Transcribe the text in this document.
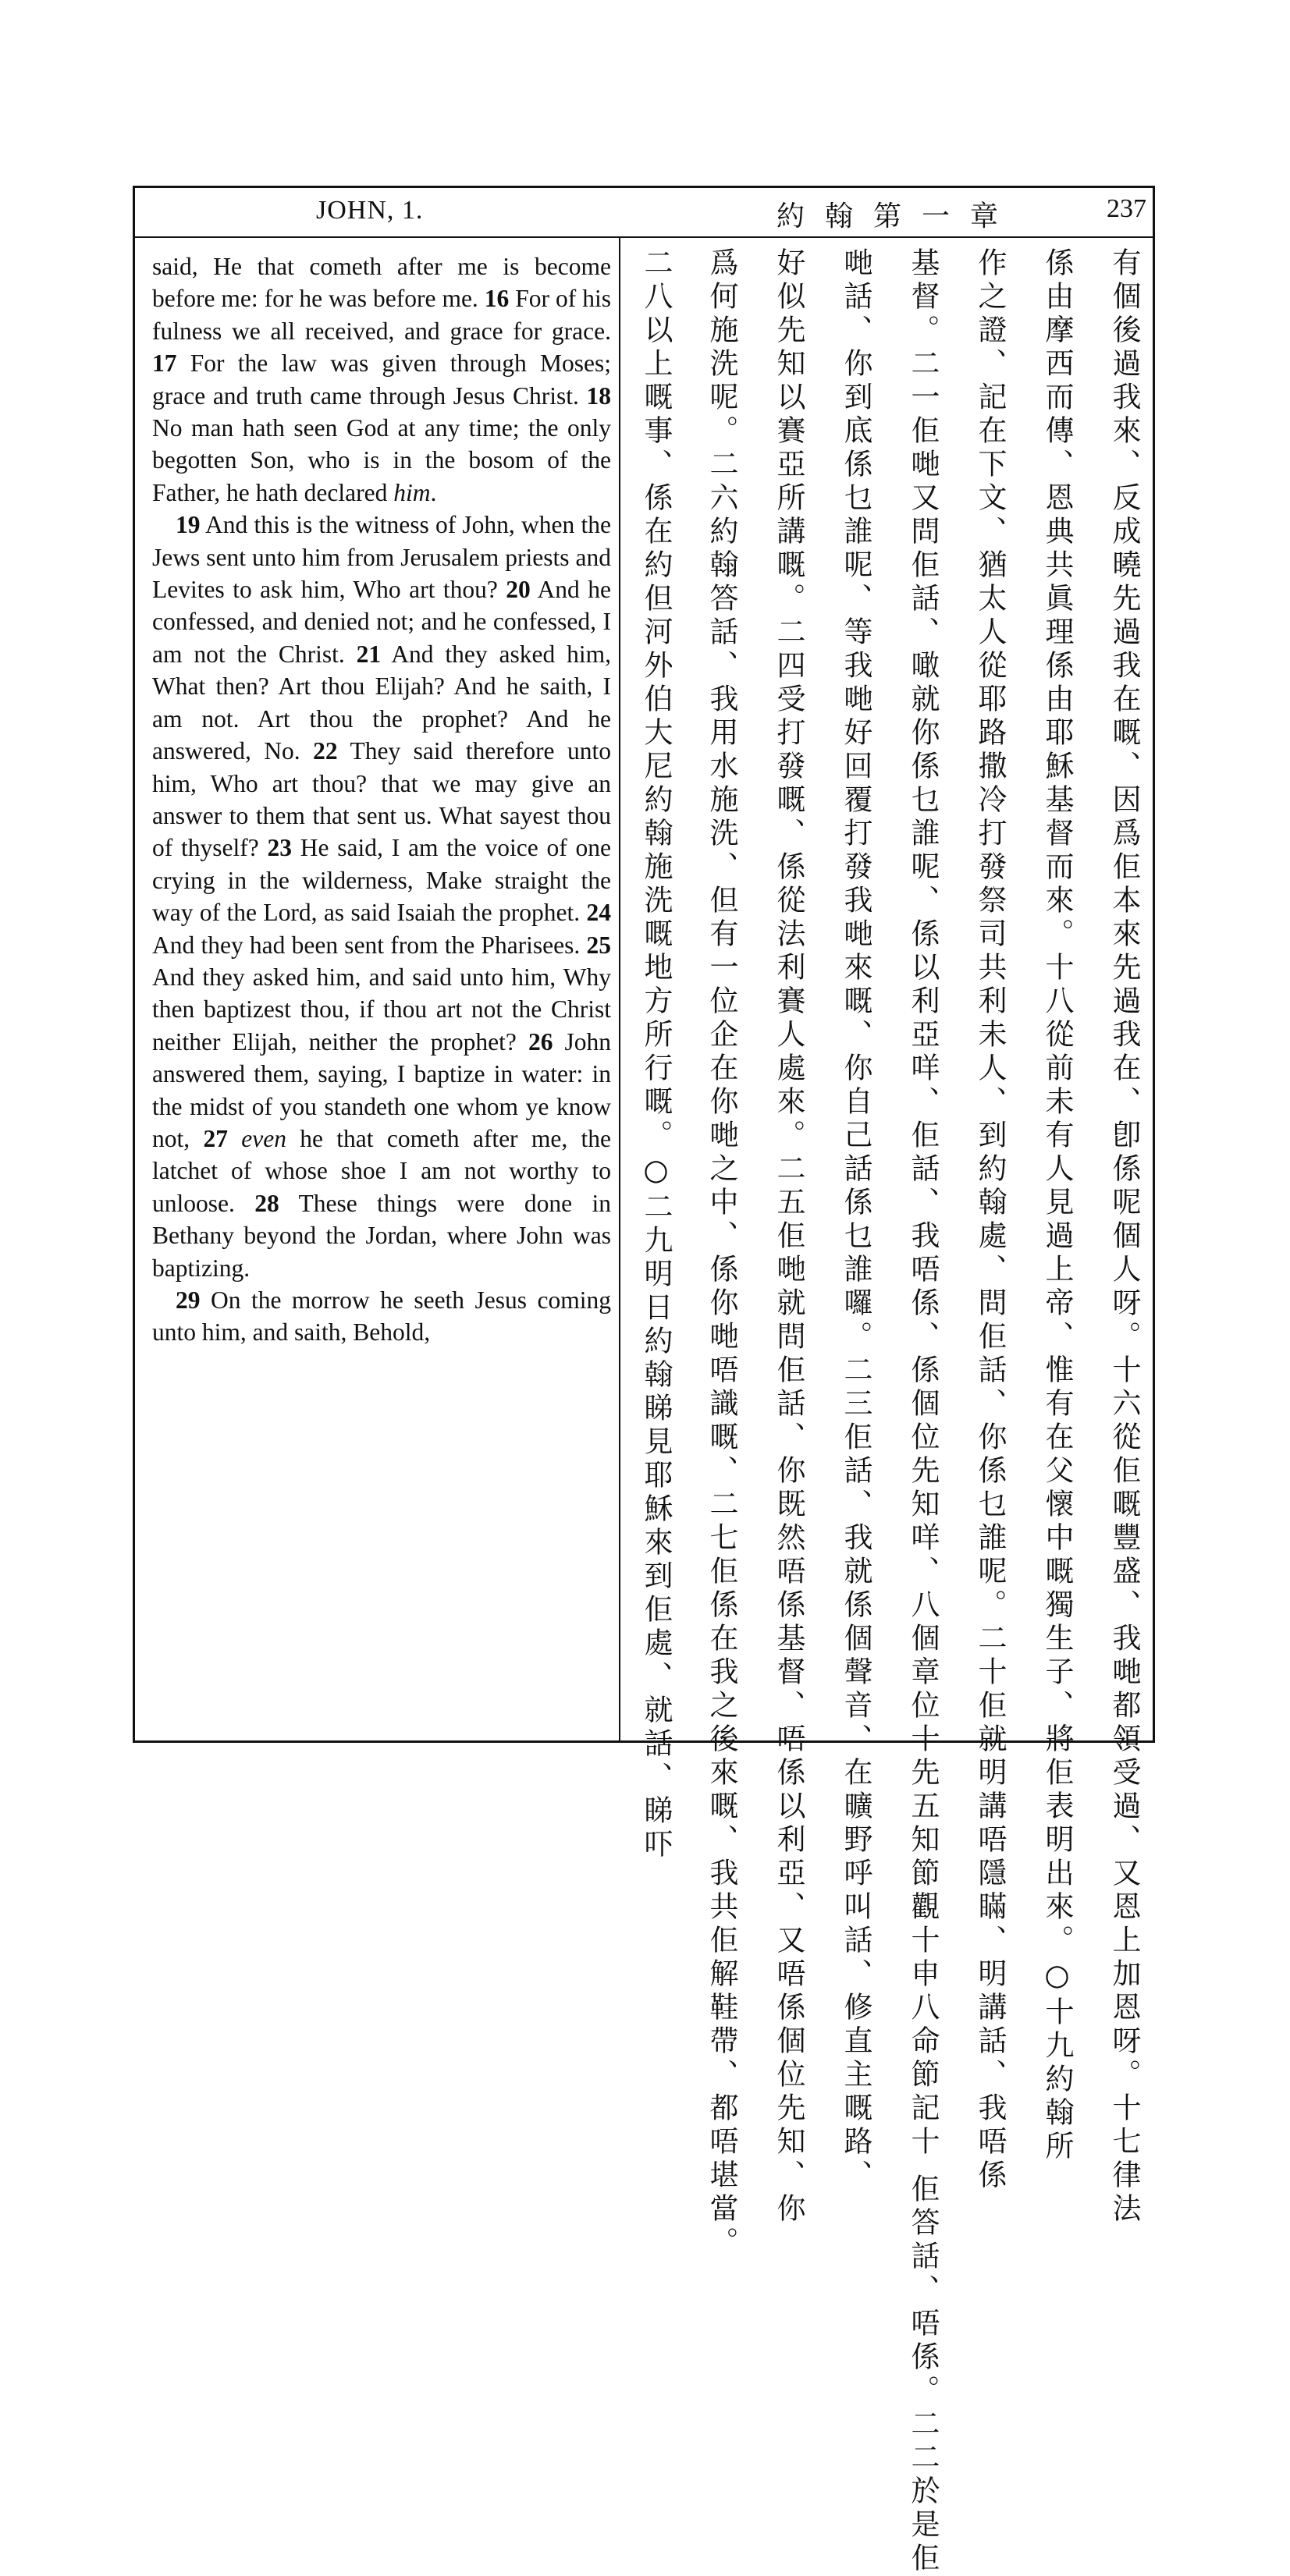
JOHN, 1.	約翰第一章	237

said, He that cometh after me is become before me: for he was before me. 16 For of his fulness we all received, and grace for grace. 17 For the law was given through Moses; grace and truth came through Jesus Christ. 18 No man hath seen God at any time; the only begotten Son, who is in the bosom of the Father, he hath declared him.

19 And this is the witness of John, when the Jews sent unto him from Jerusalem priests and Levites to ask him, Who art thou? 20 And he confessed, and denied not; and he confessed, I am not the Christ. 21 And they asked him, What then? Art thou Elijah? And he saith, I am not. Art thou the prophet? And he answered, No. 22 They said therefore unto him, Who art thou? that we may give an answer to them that sent us. What sayest thou of thyself? 23 He said, I am the voice of one crying in the wilderness, Make straight the way of the Lord, as said Isaiah the prophet. 24 And they had been sent from the Pharisees. 25 And they asked him, and said unto him, Why then baptizest thou, if thou art not the Christ neither Elijah, neither the prophet? 26 John answered them, saying, I baptize in water: in the midst of you standeth one whom ye know not, 27 even he that cometh after me, the latchet of whose shoe I am not worthy to unloose. 28 These things were done in Bethany beyond the Jordan, where John was baptizing.

29 On the morrow he seeth Jesus coming unto him, and saith, Behold,	有個後過我來、反成曉先過我在嘅、因爲佢本來先過我在、卽係呢個人呀。十六從佢嘅豐盛、我哋都領受過、又恩上加恩呀。十七律法
係由摩西而傳、恩典共眞理係由耶穌基督而來。十八從前未有人見過上帝、惟有在父懷中嘅獨生子、將佢表明出來。○十九約翰所
作之證、記在下文、猶太人從耶路撒冷打發祭司共利未人、到約翰處、問佢話、你係乜誰呢。二十佢就明講唔隱瞞、明講話、我唔係
基督。二一佢哋又問佢話、噉就你係乜誰呢、係以利亞咩、佢話、我唔係、係個位先知咩、八個章位十先五知節觀十申八命節記十 佢答話、唔係。二二於是佢
哋話、你到底係乜誰呢、等我哋好回覆打發我哋來嘅、你自己話係乜誰囉。二三佢話、我就係個聲音、在曠野呼叫話、修直主嘅路、
好似先知以賽亞所講嘅。二四受打發嘅、係從法利賽人處來。二五佢哋就問佢話、你既然唔係基督、唔係以利亞、又唔係個位先知、你
爲何施洗呢。二六約翰答話、我用水施洗、但有一位企在你哋之中、係你哋唔識嘅、二七佢係在我之後來嘅、我共佢解鞋帶、都唔堪當。
二八以上嘅事、係在約但河外伯大尼約翰施洗嘅地方所行嘅。○二九明日約翰睇見耶穌來到佢處、就話、睇吓
